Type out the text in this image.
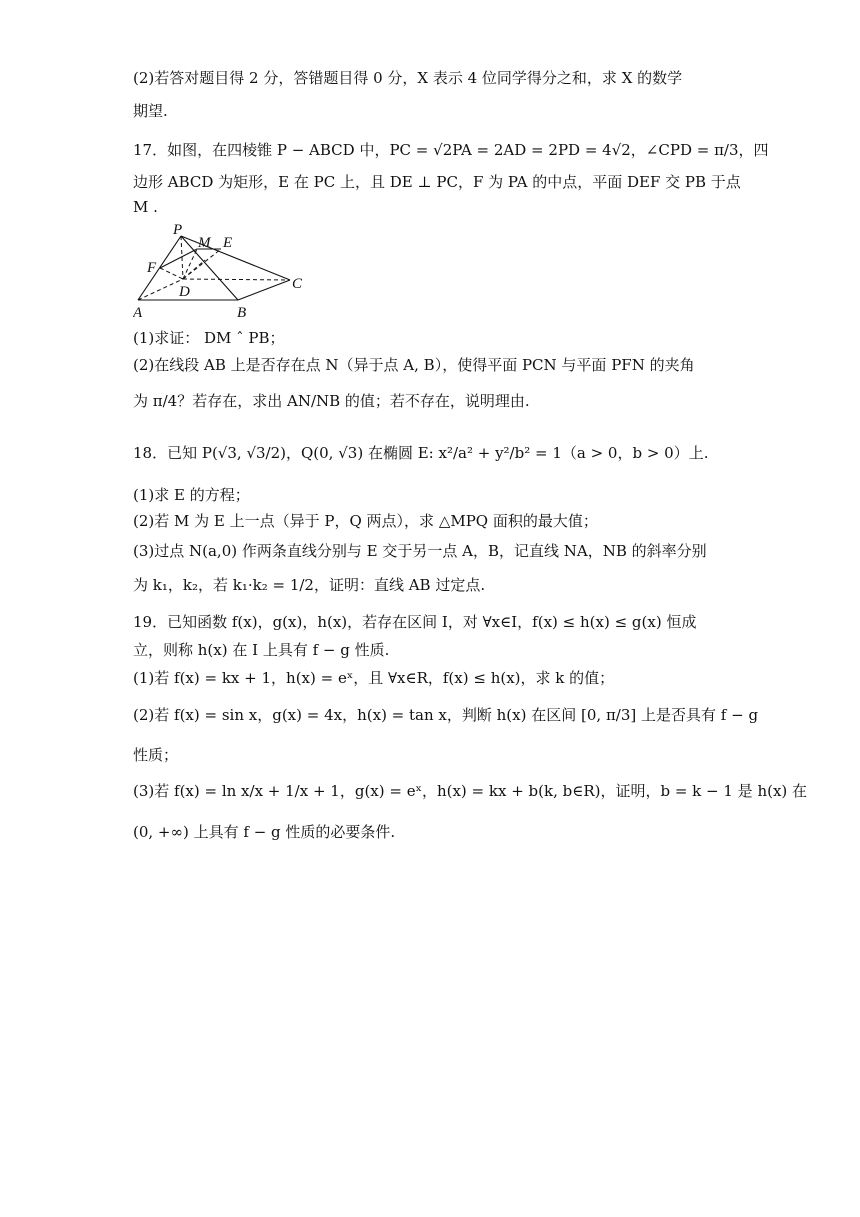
(2)若答对题目得 2 分，答错题目得 0 分，X 表示 4 位同学得分之和，求 X 的数学
期望.
17．如图，在四棱锥 P − ABCD 中，PC = √2PA = 2AD = 2PD = 4√2，∠CPD = π/3，四
边形 ABCD 为矩形，E 在 PC 上，且 DE ⊥ PC，F 为 PA 的中点，平面 DEF 交 PB 于点
M .
P
M E
F
D	C
A	B
(1)求证： DM ˆ PB；
(2)在线段 AB 上是否存在点 N（异于点 A, B），使得平面 PCN 与平面 PFN 的夹角
为 π/4？若存在，求出 AN/NB 的值；若不存在，说明理由.
18．已知 P(√3, √3/2)，Q(0, √3) 在椭圆 E: x²/a² + y²/b² = 1（a > 0，b > 0）上.
(1)求 E 的方程；
(2)若 M 为 E 上一点（异于 P，Q 两点），求 △MPQ 面积的最大值；
(3)过点 N(a,0) 作两条直线分别与 E 交于另一点 A，B，记直线 NA，NB 的斜率分别
为 k₁，k₂，若 k₁·k₂ = 1/2，证明：直线 AB 过定点.
19．已知函数 f(x)，g(x)，h(x)，若存在区间 I，对 ∀x∈I，f(x) ≤ h(x) ≤ g(x) 恒成
立，则称 h(x) 在 I 上具有 f − g 性质.
(1)若 f(x) = kx + 1，h(x) = eˣ，且 ∀x∈R，f(x) ≤ h(x)，求 k 的值；
(2)若 f(x) = sin x，g(x) = 4x，h(x) = tan x，判断 h(x) 在区间 [0, π/3] 上是否具有 f − g
性质；
(3)若 f(x) = ln x/x + 1/x + 1，g(x) = eˣ，h(x) = kx + b(k, b∈R)，证明，b = k − 1 是 h(x) 在
(0, +∞) 上具有 f − g 性质的必要条件.
